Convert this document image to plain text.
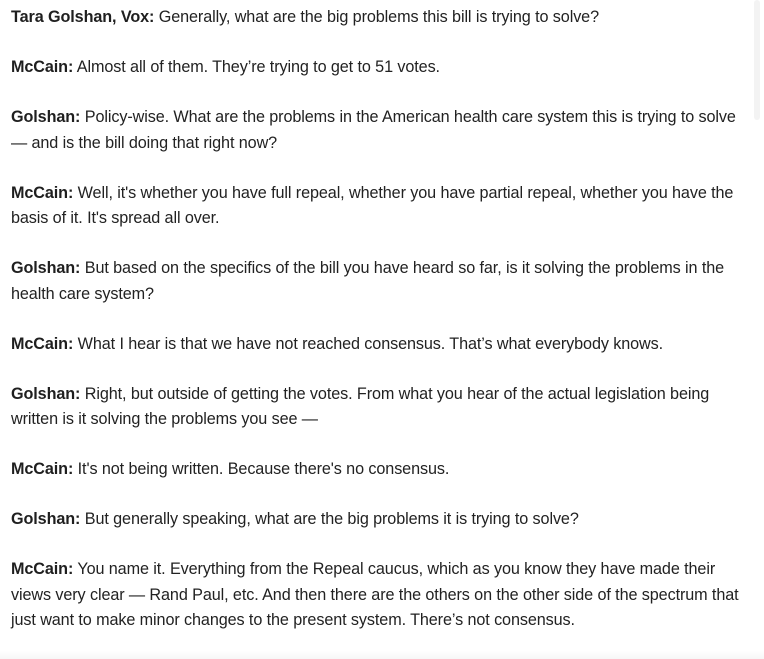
Tara Golshan, Vox: Generally, what are the big problems this bill is trying to solve?

McCain: Almost all of them. They’re trying to get to 51 votes.

Golshan: Policy-wise. What are the problems in the American health care system this is trying to solve — and is the bill doing that right now?

McCain: Well, it's whether you have full repeal, whether you have partial repeal, whether you have the basis of it. It's spread all over.

Golshan: But based on the specifics of the bill you have heard so far, is it solving the problems in the health care system?

McCain: What I hear is that we have not reached consensus. That’s what everybody knows.

Golshan: Right, but outside of getting the votes. From what you hear of the actual legislation being written is it solving the problems you see —

McCain: It's not being written. Because there's no consensus.

Golshan: But generally speaking, what are the big problems it is trying to solve?

McCain: You name it. Everything from the Repeal caucus, which as you know they have made their views very clear — Rand Paul, etc. And then there are the others on the other side of the spectrum that just want to make minor changes to the present system. There’s not consensus.
